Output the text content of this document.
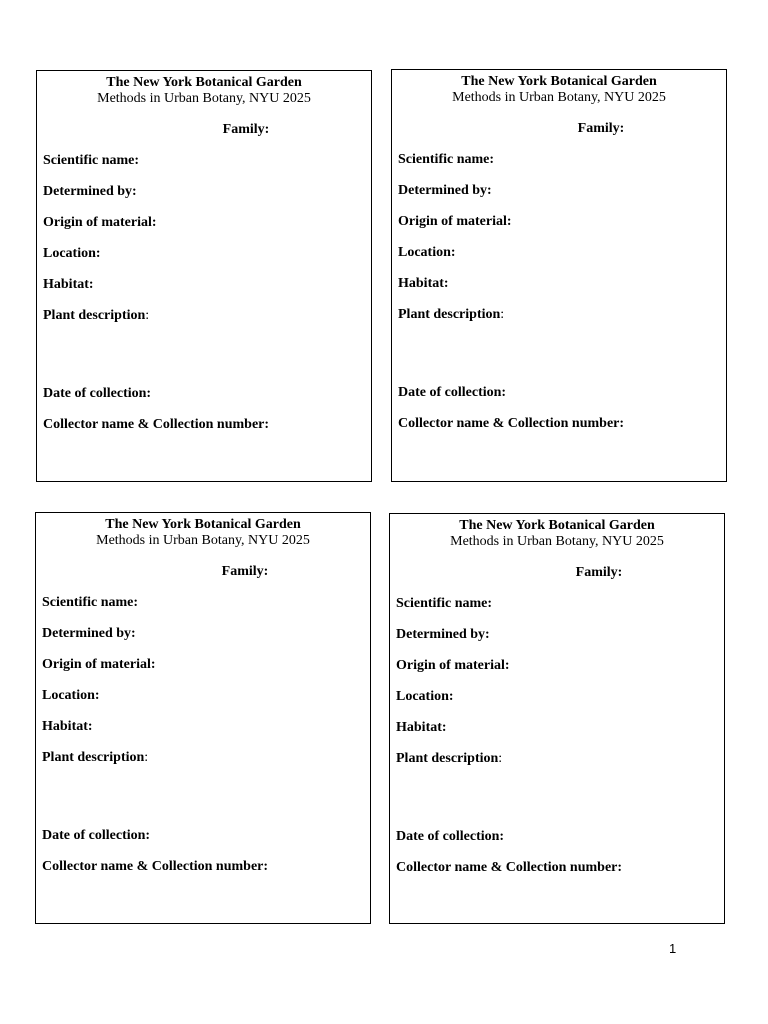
The New York Botanical Garden
Methods in Urban Botany, NYU 2025
Family:
Scientific name:
Determined by:
Origin of material:
Location:
Habitat:
Plant description:
Date of collection:
Collector name & Collection number:
The New York Botanical Garden
Methods in Urban Botany, NYU 2025
Family:
Scientific name:
Determined by:
Origin of material:
Location:
Habitat:
Plant description:
Date of collection:
Collector name & Collection number:
The New York Botanical Garden
Methods in Urban Botany, NYU 2025
Family:
Scientific name:
Determined by:
Origin of material:
Location:
Habitat:
Plant description:
Date of collection:
Collector name & Collection number:
The New York Botanical Garden
Methods in Urban Botany, NYU 2025
Family:
Scientific name:
Determined by:
Origin of material:
Location:
Habitat:
Plant description:
Date of collection:
Collector name & Collection number:
1
